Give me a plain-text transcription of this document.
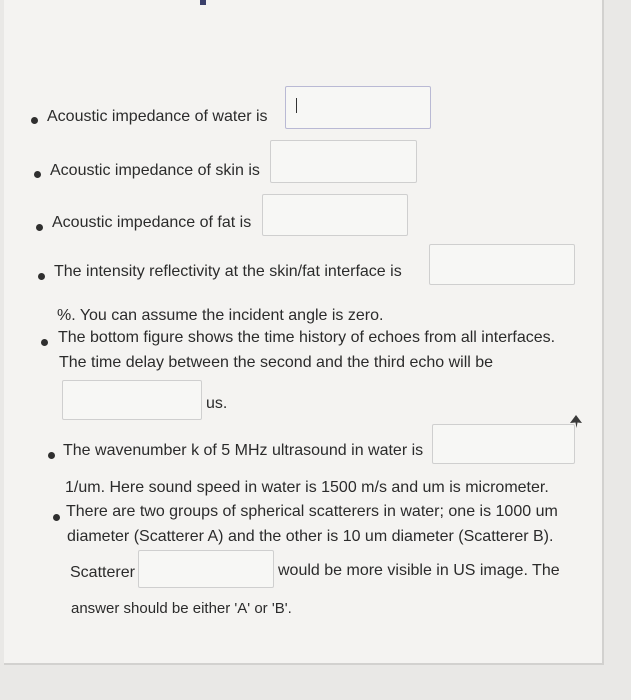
Acoustic impedance of water is
Acoustic impedance of skin is
Acoustic impedance of fat is
The intensity reflectivity at the skin/fat interface is
%. You can assume the incident angle is zero.
The bottom figure shows the time history of echoes from all interfaces.
The time delay between the second and the third echo will be
us.
The wavenumber k of 5 MHz ultrasound in water is
1/um. Here sound speed in water is 1500 m/s and um is micrometer.
There are two groups of spherical scatterers in water; one is 1000 um
diameter (Scatterer A) and the other is 10 um diameter (Scatterer B).
Scatterer	would be more visible in US image. The
answer should be either 'A' or 'B'.
